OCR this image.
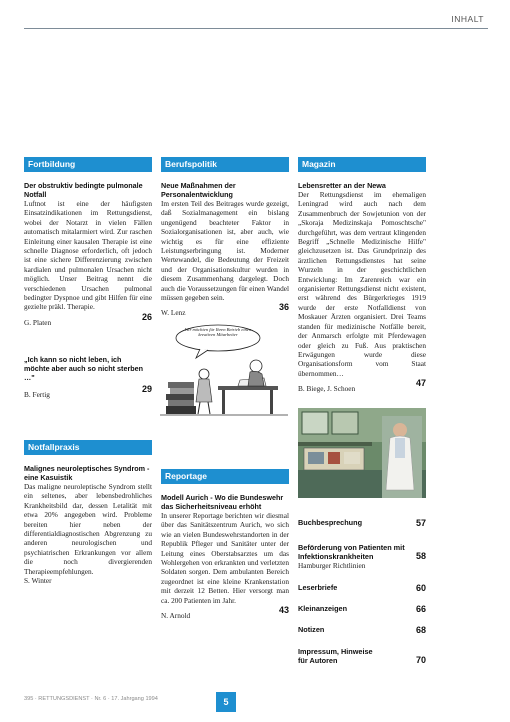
INHALT
Fortbildung
Der obstruktiv bedingte pulmonale Notfall
Luftnot ist eine der häufigsten Einsatzindikationen im Rettungsdienst, wobei der Notarzt in vielen Fällen automatisch mitalarmiert wird. Zur raschen Einleitung einer kausalen Therapie ist eine schnelle Diagnose erforderlich, oft jedoch ist eine sichere Differenzierung zwischen kardialen und pulmonalen Ursachen nicht möglich. Unser Beitrag nennt die verschiedenen Ursachen pulmonal bedingter Dyspnoe und gibt Hilfen für eine gezielte präkl. Therapie.
G. Platen
26
„Ich kann so nicht leben, ich möchte aber auch so nicht sterben …"
B. Fertig
29
Notfallpraxis
Malignes neuroleptisches Syndrom - eine Kasuistik
Das maligne neuroleptische Syndrom stellt ein seltenes, aber lebensbedrohliches Krankheitsbild dar, dessen Letalität mit etwa 20% angegeben wird. Probleme bereiten hier neben der differentialdiagnostischen Abgrenzung zu anderen neurologischen und psychiatrischen Erkrankungen vor allem die noch divergierenden Therapieempfehlungen.
S. Winter
Berufspolitik
Neue Maßnahmen der Personalentwicklung
Im ersten Teil des Beitrages wurde gezeigt, daß Sozialmanagement ein bislang ungenügend beachteter Faktor in Sozialorganisationen ist, aber auch, wie wichtig es für eine effiziente Leistungserbringung ist. Moderner Wertewandel, die Bedeutung der Freizeit und der Organisationskultur wurden in diesem Zusammenhang dargelegt. Doch auch die Voraussetzungen für einen Wandel müssen gegeben sein.
W. Lenz
36
Wir möchten für Ihren Betrieb einen kreativen Mitarbeiter
Reportage
Modell Aurich - Wo die Bundeswehr das Sicherheitsniveau erhöht
In unserer Reportage berichten wir diesmal über das Sanitätszentrum Aurich, wo sich wie an vielen Bundeswehrstandorten in der Republik Pfleger und Sanitäter unter der Leitung eines Oberstabsarztes um das Wohlergehen von erkrankten und verletzten Soldaten sorgen. Dem ambulanten Bereich zugeordnet ist eine kleine Krankenstation mit derzeit 12 Betten. Hier versorgt man ca. 200 Patienten im Jahr.
N. Arnold
43
Magazin
Lebensretter an der Newa
Der Rettungsdienst im ehemaligen Leningrad wird auch nach dem Zusammenbruch der Sowjetunion von der „Skoraja Medizinskaja Pomoschtsche" durchgeführt, was dem vertraut klingenden Begriff „Schnelle Medizinische Hilfe" gleichzusetzen ist. Das Grundprinzip des ärztlichen Rettungsdienstes hat seine Wurzeln in der geschichtlichen Entwicklung: Im Zarenreich war ein organisierter Rettungsdienst nicht existent, erst während des Bürgerkrieges 1919 wurde der erste Notfalldienst von Moskauer Ärzten organisiert. Drei Teams standen für medizinische Notfälle bereit, der Anmarsch erfolgte mit Pferdewagen oder gleich zu Fuß. Aus praktischen Erwägungen wurde diese Organisationsform vom Staat übernommen…
B. Biege, J. Schoen
47
Buchbesprechung	57
Beförderung von Patienten mit Infektionskrankheiten
Hamburger Richtlinien
58
Leserbriefe	60
Kleinanzeigen	66
Notizen	68
Impressum, Hinweise für Autoren	70
395 · RETTUNGSDIENST · Nr. 6 · 17. Jahrgang 1994	5
